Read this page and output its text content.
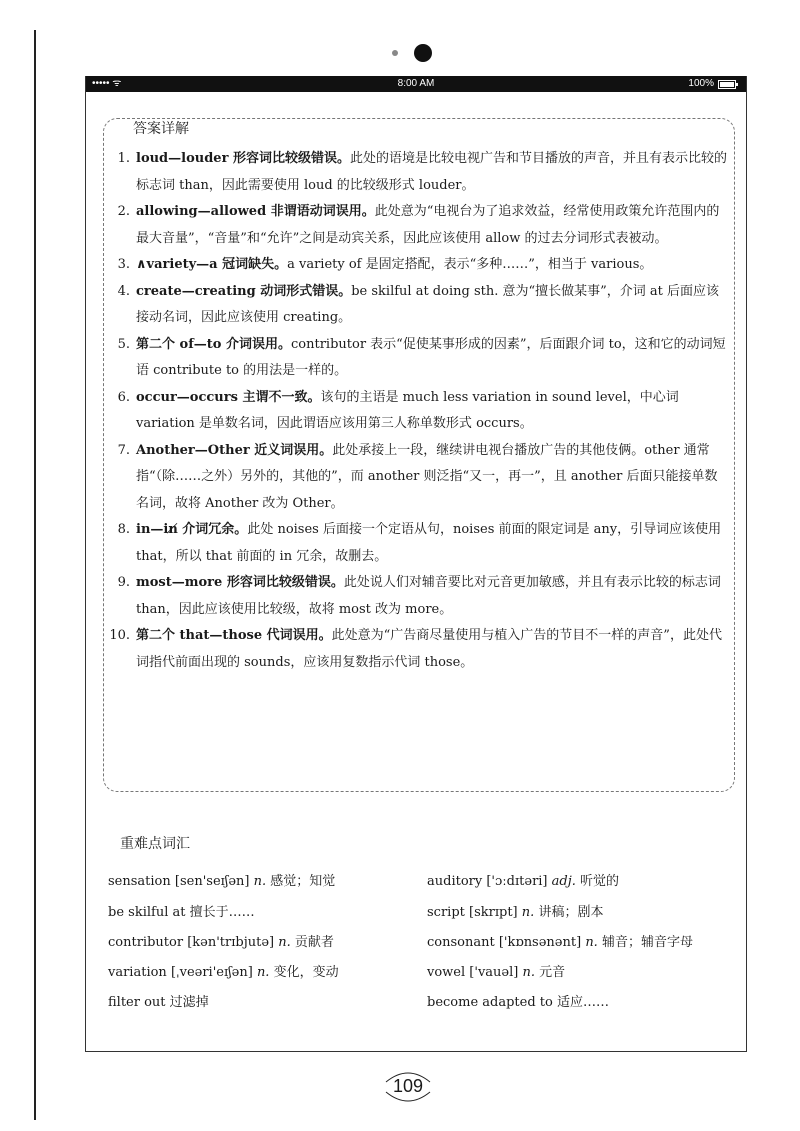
••••• ᯤ	8:00 AM	100%
答案详解
1. loud—louder 形容词比较级错误。此处的语境是比较电视广告和节目播放的声音，并且有表示比较的标志词 than，因此需要使用 loud 的比较级形式 louder。
2. allowing—allowed 非谓语动词误用。此处意为“电视台为了追求效益，经常使用政策允许范围内的最大音量”，“音量”和“允许”之间是动宾关系，因此应该使用 allow 的过去分词形式表被动。
3. ∧variety—a 冠词缺失。a variety of 是固定搭配，表示“多种……”，相当于 various。
4. create—creating 动词形式错误。be skilful at doing sth. 意为“擅长做某事”，介词 at 后面应该接动名词，因此应该使用 creating。
5. 第二个 of—to 介词误用。contributor 表示“促使某事形成的因素”，后面跟介词 to，这和它的动词短语 contribute to 的用法是一样的。
6. occur—occurs 主谓不一致。该句的主语是 much less variation in sound level，中心词 variation 是单数名词，因此谓语应该用第三人称单数形式 occurs。
7. Another—Other 近义词误用。此处承接上一段，继续讲电视台播放广告的其他伎俩。other 通常指“（除……之外）另外的，其他的”，而 another 则泛指“又一，再一”，且 another 后面只能接单数名词，故将 Another 改为 Other。
8. in—in̸ 介词冗余。此处 noises 后面接一个定语从句，noises 前面的限定词是 any，引导词应该使用 that，所以 that 前面的 in 冗余，故删去。
9. most—more 形容词比较级错误。此处说人们对辅音要比对元音更加敏感，并且有表示比较的标志词 than，因此应该使用比较级，故将 most 改为 more。
10. 第二个 that—those 代词误用。此处意为“广告商尽量使用与植入广告的节目不一样的声音”，此处代词指代前面出现的 sounds，应该用复数指示代词 those。
重难点词汇
sensation [sen'seɪʃən] n. 感觉；知觉
be skilful at 擅长于……
contributor [kən'trɪbjutə] n. 贡献者
variation [ˌveəri'eɪʃən] n. 变化，变动
filter out 过滤掉
auditory ['ɔːdɪtəri] adj. 听觉的
script [skrɪpt] n. 讲稿；剧本
consonant ['kɒnsənənt] n. 辅音；辅音字母
vowel ['vauəl] n. 元音
become adapted to 适应……
109
